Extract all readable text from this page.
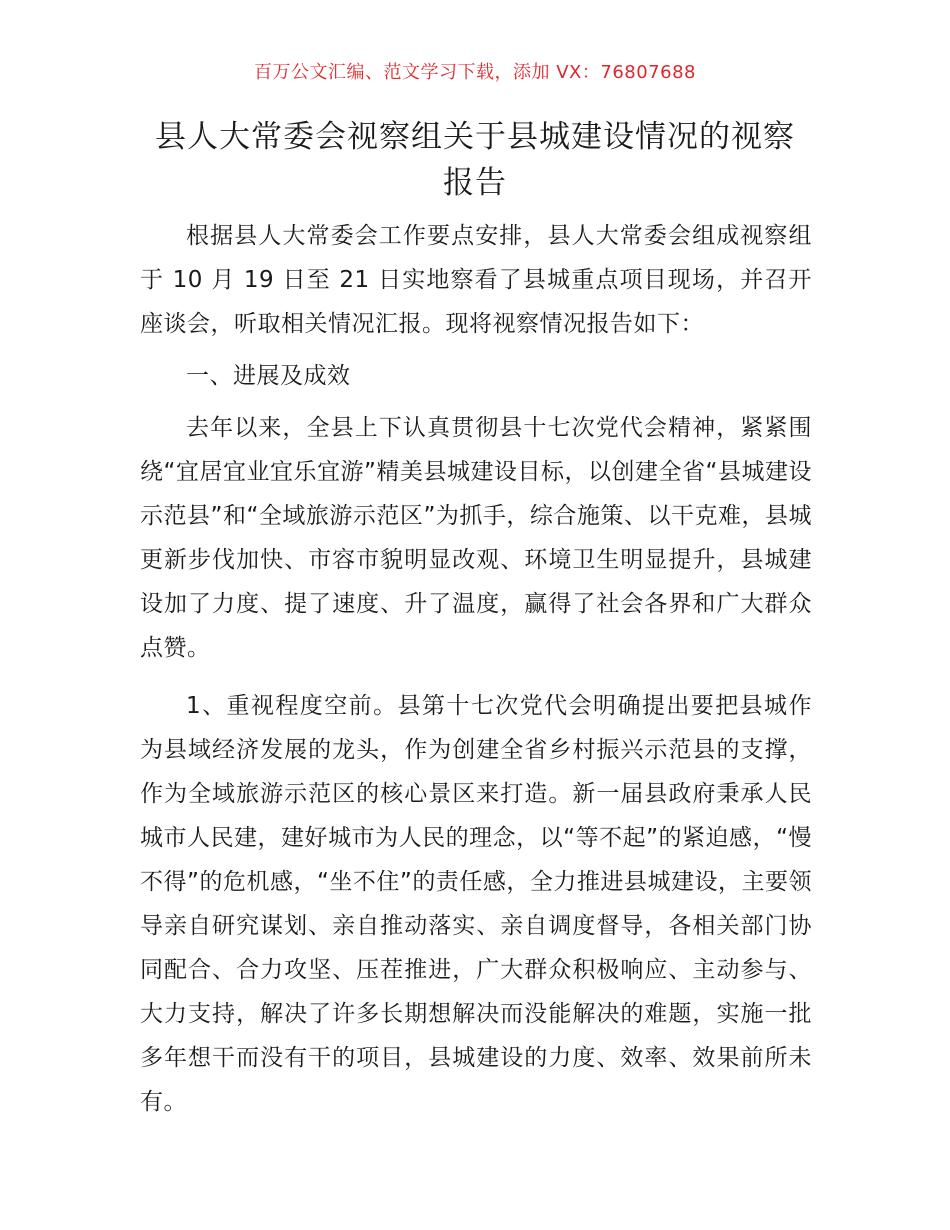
百万公文汇编、范文学习下载，添加 VX：76807688
县人大常委会视察组关于县城建设情况的视察报告

根据县人大常委会工作要点安排，县人大常委会组成视察组于 10 月 19 日至 21 日实地察看了县城重点项目现场，并召开座谈会，听取相关情况汇报。现将视察情况报告如下：

一、进展及成效

去年以来，全县上下认真贯彻县十七次党代会精神，紧紧围绕“宜居宜业宜乐宜游”精美县城建设目标，以创建全省“县城建设示范县”和“全域旅游示范区”为抓手，综合施策、以干克难，县城更新步伐加快、市容市貌明显改观、环境卫生明显提升，县城建设加了力度、提了速度、升了温度，赢得了社会各界和广大群众点赞。

1、重视程度空前。县第十七次党代会明确提出要把县城作为县域经济发展的龙头，作为创建全省乡村振兴示范县的支撑，作为全域旅游示范区的核心景区来打造。新一届县政府秉承人民城市人民建，建好城市为人民的理念，以“等不起”的紧迫感，“慢不得”的危机感，“坐不住”的责任感，全力推进县城建设，主要领导亲自研究谋划、亲自推动落实、亲自调度督导，各相关部门协同配合、合力攻坚、压茬推进，广大群众积极响应、主动参与、大力支持，解决了许多长期想解决而没能解决的难题，实施一批多年想干而没有干的项目，县城建设的力度、效率、效果前所未有。
